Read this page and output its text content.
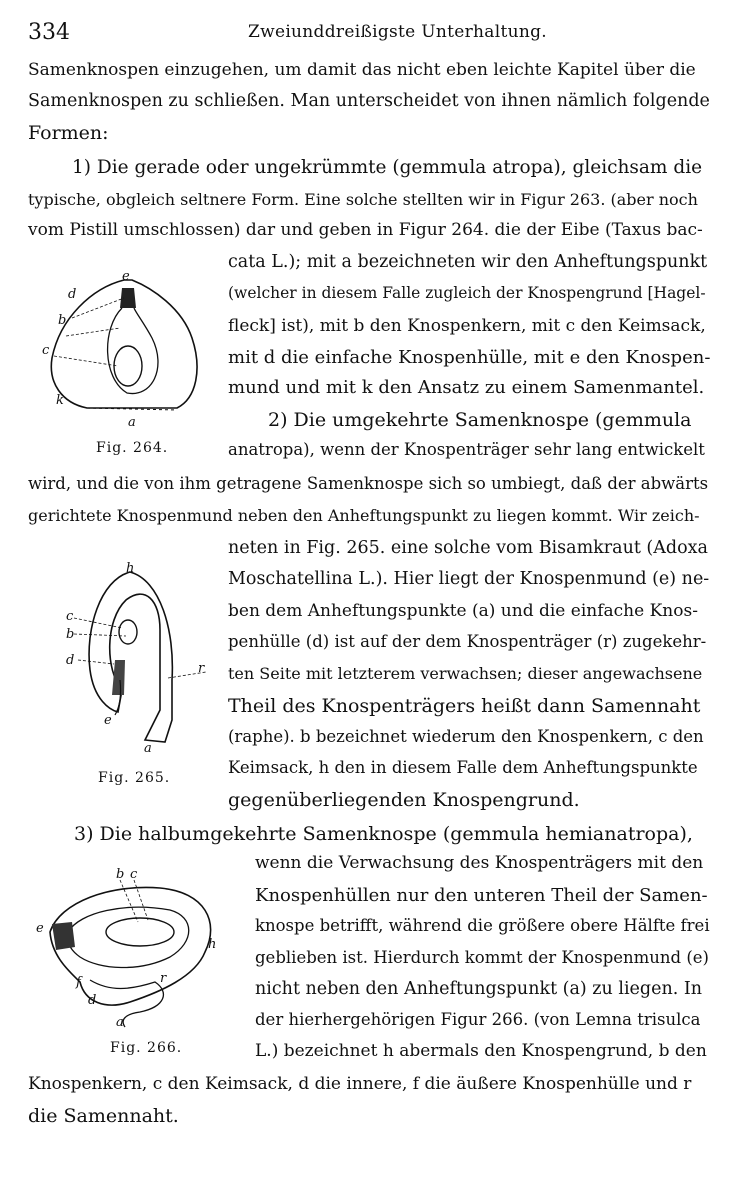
334	Zweiunddreißigste Unterhaltung.
Samenknospen einzugehen, um damit das nicht eben leichte Kapitel über die
Samenknospen zu schließen. Man unterscheidet von ihnen nämlich folgende
Formen:
1) Die gerade oder ungekrümmte (gemmula atropa), gleichsam die
typische, obgleich seltnere Form. Eine solche stellten wir in Figur 263. (aber noch
vom Pistill umschlossen) dar und geben in Figur 264. die der Eibe (Taxus bac-
cata L.); mit a bezeichneten wir den Anheftungspunkt
(welcher in diesem Falle zugleich der Knospengrund [Hagel-
fleck] ist), mit b den Knospenkern, mit c den Keimsack,
mit d die einfache Knospenhülle, mit e den Knospen-
mund und mit k den Ansatz zu einem Samenmantel.
2) Die umgekehrte Samenknospe (gemmula
anatropa), wenn der Knospenträger sehr lang entwickelt
wird, und die von ihm getragene Samenknospe sich so umbiegt, daß der abwärts
gerichtete Knospenmund neben den Anheftungspunkt zu liegen kommt. Wir zeich-
neten in Fig. 265. eine solche vom Bisamkraut (Adoxa
Moschatellina L.). Hier liegt der Knospenmund (e) ne-
ben dem Anheftungspunkte (a) und die einfache Knos-
penhülle (d) ist auf der dem Knospenträger (r) zugekehr-
ten Seite mit letzterem verwachsen; dieser angewachsene
Theil des Knospenträgers heißt dann Samennaht
(raphe). b bezeichnet wiederum den Knospenkern, c den
Keimsack, h den in diesem Falle dem Anheftungspunkte
gegenüberliegenden Knospengrund.
3) Die halbumgekehrte Samenknospe (gemmula hemianatropa),
wenn die Verwachsung des Knospenträgers mit den
Knospenhüllen nur den unteren Theil der Samen-
knospe betrifft, während die größere obere Hälfte frei
geblieben ist. Hierdurch kommt der Knospenmund (e)
nicht neben den Anheftungspunkt (a) zu liegen. In
der hierhergehörigen Figur 266. (von Lemna trisulca
L.) bezeichnet h abermals den Knospengrund, b den
Knospenkern, c den Keimsack, d die innere, f die äußere Knospenhülle und r
die Samennaht.
e
d
b
c
k
a
Fig. 264.
h
c
b
d
r
e
a
Fig. 265.
b c
e
h
f	r
d
a
Fig. 266.
